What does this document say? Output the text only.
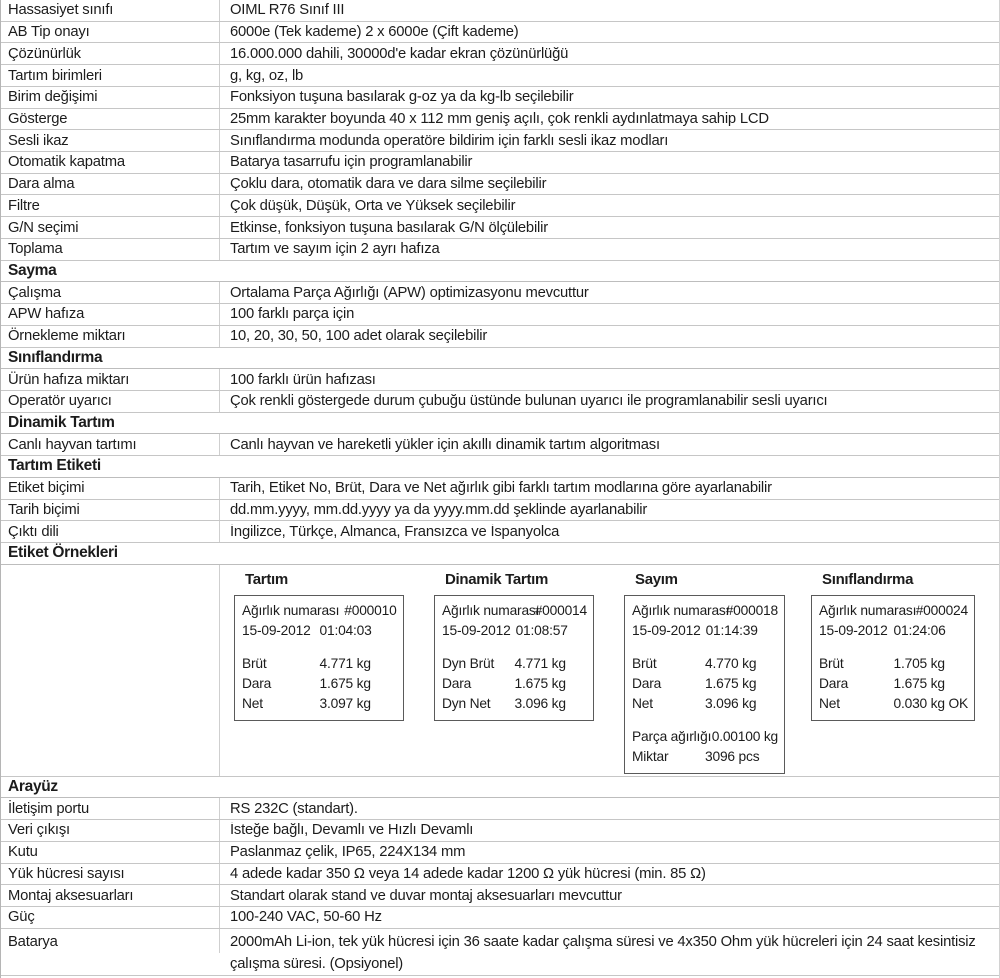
Hassasiyet sınıfı	OIML R76 Sınıf III
AB Tip onayı	6000e (Tek kademe) 2 x 6000e (Çift kademe)
Çözünürlük	16.000.000 dahili, 30000d'e kadar ekran çözünürlüğü
Tartım birimleri	g, kg, oz, lb
Birim değişimi	Fonksiyon tuşuna basılarak g-oz ya da kg-lb seçilebilir
Gösterge	25mm karakter boyunda 40 x 112 mm geniş açılı, çok renkli aydınlatmaya sahip LCD
Sesli ikaz	Sınıflandırma modunda operatöre bildirim için farklı sesli ikaz modları
Otomatik kapatma	Batarya tasarrufu için programlanabilir
Dara alma	Çoklu dara, otomatik dara ve dara silme seçilebilir
Filtre	Çok düşük, Düşük, Orta ve Yüksek seçilebilir
G/N seçimi	Etkinse, fonksiyon tuşuna basılarak G/N ölçülebilir
Toplama	Tartım ve sayım için 2 ayrı hafıza
Sayma
Çalışma	Ortalama Parça Ağırlığı (APW) optimizasyonu mevcuttur
APW hafıza	100 farklı parça için
Örnekleme miktarı	10, 20, 30, 50, 100 adet olarak seçilebilir
Sınıflandırma
Ürün hafıza miktarı	100 farklı ürün hafızası
Operatör uyarıcı	Çok renkli göstergede durum çubuğu üstünde bulunan uyarıcı ile programlanabilir sesli uyarıcı
Dinamik Tartım
Canlı hayvan tartımı	Canlı hayvan ve hareketli yükler için akıllı dinamik tartım algoritması
Tartım Etiketi
Etiket biçimi	Tarih, Etiket No, Brüt, Dara ve Net ağırlık gibi farklı tartım modlarına göre ayarlanabilir
Tarih biçimi	dd.mm.yyyy, mm.dd.yyyy ya da yyyy.mm.dd şeklinde ayarlanabilir
Çıktı dili	İngilizce, Türkçe, Almanca, Fransızca ve İspanyolca
Etiket Örnekleri
Tartım
Ağırlık numarası #000010
15-09-2012 01:04:03
Brüt	4.771 kg
Dara	1.675 kg
Net	3.097 kg
Dinamik Tartım
Ağırlık numarası
#000014
15-09-2012 01:08:57
Dyn Brüt	4.771 kg
Dara	1.675 kg
Dyn Net	3.096 kg
Sayım
Ağırlık numarası
#000018
15-09-2012 01:14:39
Brüt	4.770 kg
Dara	1.675 kg
Net	3.096 kg
Parça ağırlığı 0.00100 kg
Miktar	3096 pcs
Sınıflandırma
Ağırlık numarası #000024
15-09-2012 01:24:06
Brüt	1.705 kg
Dara	1.675 kg
Net	0.030 kg OK
Arayüz
İletişim portu	RS 232C (standart).
Veri çıkışı	İsteğe bağlı, Devamlı ve Hızlı Devamlı
Kutu	Paslanmaz çelik, IP65, 224X134 mm
Yük hücresi sayısı	4 adede kadar 350 Ω veya 14 adede kadar 1200 Ω yük hücresi (min. 85 Ω)
Montaj aksesuarları	Standart olarak stand ve duvar montaj aksesuarları mevcuttur
Güç	100-240 VAC, 50-60 Hz
Batarya	2000mAh Li-ion, tek yük hücresi için 36 saate kadar çalışma süresi ve 4x350 Ohm yük hücreleri için 24 saat kesintisiz çalışma süresi. (Opsiyonel)
